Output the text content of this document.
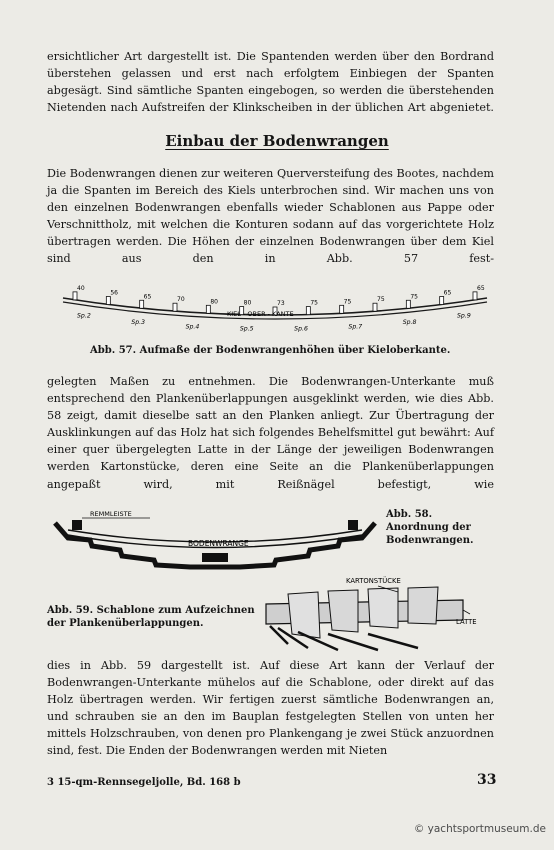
ersichtlicher Art dargestellt ist. Die Spantenden werden über den Bordrand überstehen gelassen und erst nach erfolgtem Einbiegen der Spanten abgesägt. Sind sämtliche Spanten eingebogen, so werden die überstehenden Nietenden nach Aufstreifen der Klinkscheiben in der üblichen Art abgenietet.

Einbau der Bodenwrangen

Die Bodenwrangen dienen zur weiteren Querversteifung des Bootes, nachdem ja die Spanten im Bereich des Kiels unterbrochen sind. Wir machen uns von den einzelnen Bodenwrangen ebenfalls wieder Schablonen aus Pappe oder Verschnittholz, mit welchen die Konturen sodann auf das vorgerichtete Holz übertragen werden. Die Höhen der einzelnen Bodenwrangen über dem Kiel sind aus den in Abb. 57 fest-

40
56
65	70	80	80	73	75	75	75	75
65
65
Sp.2
Sp.3
Sp.4	Sp.5	Sp.6	Sp.7
Sp.8
Sp.9
KIEL - OBER - KANTE
Abb. 57. Aufmaße der Bodenwrangenhöhen über Kieloberkante.

gelegten Maßen zu entnehmen. Die Bodenwrangen-Unterkante muß entsprechend den Plankenüberlappungen ausgeklinkt werden, wie dies Abb. 58 zeigt, damit dieselbe satt an den Planken anliegt. Zur Übertragung der Ausklinkungen auf das Holz hat sich folgendes Behelfsmittel gut bewährt: Auf einer quer übergelegten Latte in der Länge der jeweiligen Bodenwrangen werden Kartonstücke, deren eine Seite an die Plankenüberlappungen angepaßt wird, mit Reißnägel befestigt, wie

REMMLEISTE
BODENWRANGE
Abb. 58. Anordnung der Bodenwrangen.
Abb. 59. Schablone zum Aufzeichnen der Plankenüberlappungen.
KARTONSTÜCKE
LATTE

dies in Abb. 59 dargestellt ist. Auf diese Art kann der Verlauf der Bodenwrangen-Unterkante mühelos auf die Schablone, oder direkt auf das Holz übertragen werden. Wir fertigen zuerst sämtliche Bodenwrangen an, und schrauben sie an den im Bauplan festgelegten Stellen von unten her mittels Holzschrauben, von denen pro Plankengang je zwei Stück anzuordnen sind, fest. Die Enden der Bodenwrangen werden mit Nieten

3 15-qm-Rennsegeljolle, Bd. 168 b	33
© yachtsportmuseum.de
